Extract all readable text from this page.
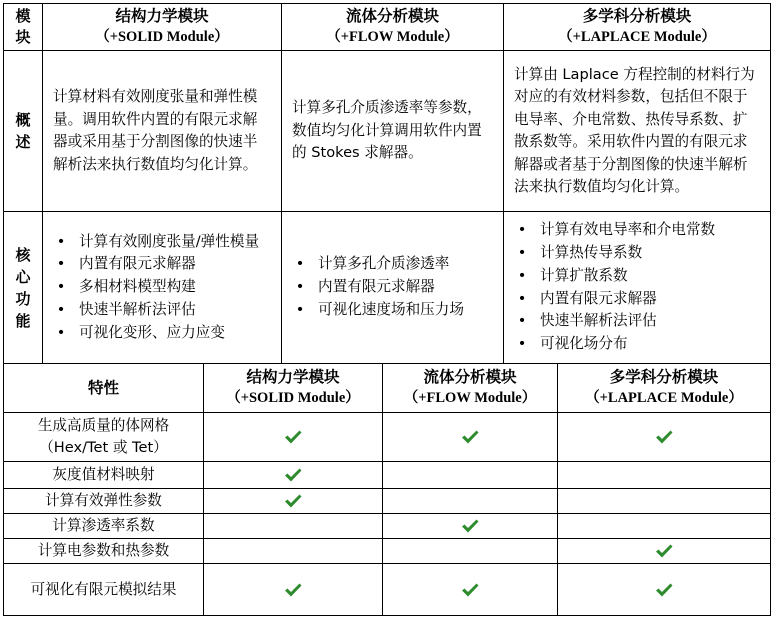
模块
结构力学模块
（+SOLID Module）
流体分析模块
（+FLOW Module）
多学科分析模块
（+LAPLACE Module）
概述
计算材料有效刚度张量和弹性模量。调用软件内置的有限元求解器或采用基于分割图像的快速半解析法来执行数值均匀化计算。
计算多孔介质渗透率等参数，数值均匀化计算调用软件内置的 Stokes 求解器。
计算由 Laplace 方程控制的材料行为对应的有效材料参数，包括但不限于电导率、介电常数、热传导系数、扩散系数等。采用软件内置的有限元求解器或者基于分割图像的快速半解析法来执行数值均匀化计算。
核心功能
• 计算有效刚度张量/弹性模量
• 内置有限元求解器
• 多相材料模型构建
• 快速半解析法评估
• 可视化变形、应力应变
• 计算多孔介质渗透率
• 内置有限元求解器
• 可视化速度场和压力场
• 计算有效电导率和介电常数
• 计算热传导系数
• 计算扩散系数
• 内置有限元求解器
• 快速半解析法评估
• 可视化场分布
特性
结构力学模块
（+SOLID Module）
流体分析模块
（+FLOW Module）
多学科分析模块
（+LAPLACE Module）
生成高质量的体网格（Hex/Tet 或 Tet）
灰度值材料映射
计算有效弹性参数
计算渗透率系数
计算电参数和热参数
可视化有限元模拟结果
